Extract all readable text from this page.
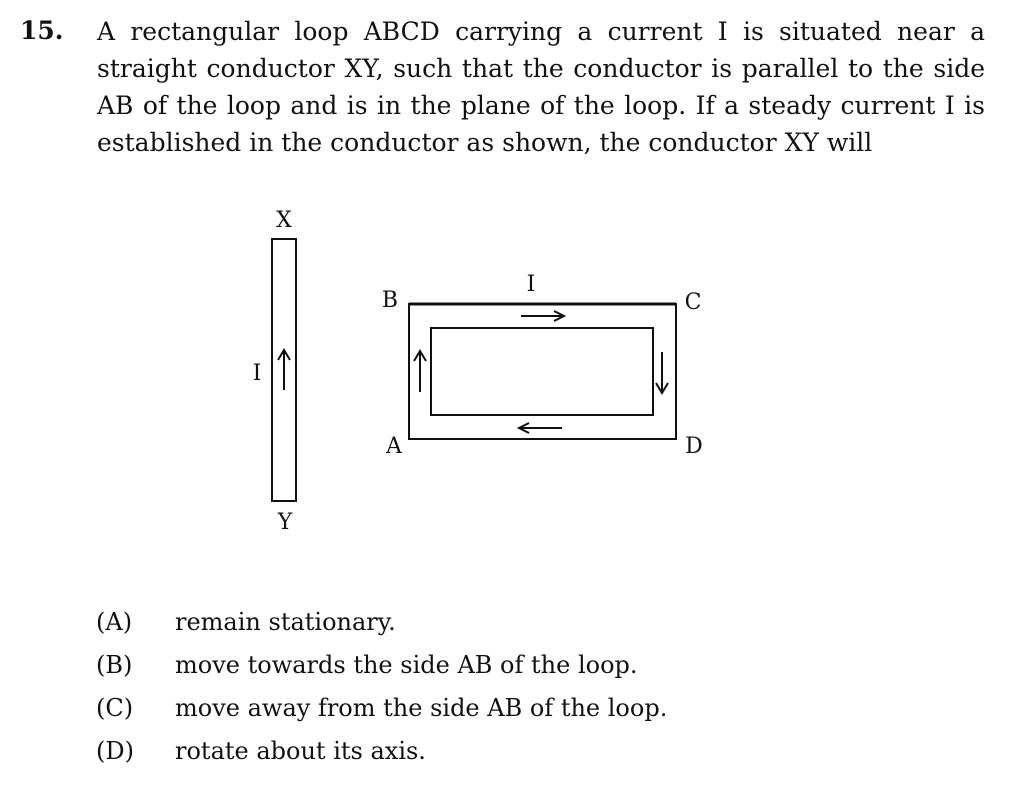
15. A rectangular loop ABCD carrying a current I is situated near a straight conductor XY, such that the conductor is parallel to the side AB of the loop and is in the plane of the loop. If a steady current I is established in the conductor as shown, the conductor XY will
X
Y
I
B	C
A	D
I
(A)	remain stationary.
(B)	move towards the side AB of the loop.
(C)	move away from the side AB of the loop.
(D)	rotate about its axis.
